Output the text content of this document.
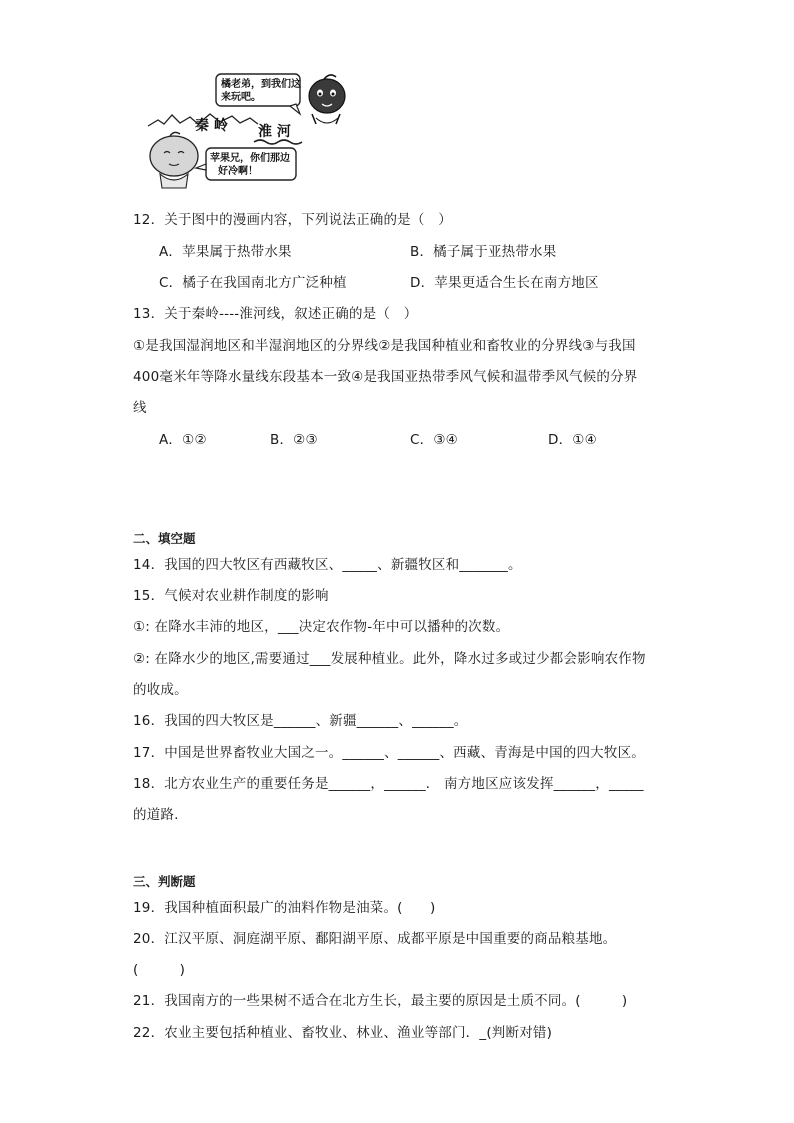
橘老弟，到我们这
来玩吧。
秦 岭 淮 河
苹果兄，你们那边
好冷啊！
12．关于图中的漫画内容，下列说法正确的是（　）
A．苹果属于热带水果	B．橘子属于亚热带水果
C．橘子在我国南北方广泛种植	D．苹果更适合生长在南方地区
13．关于秦岭----淮河线，叙述正确的是（　）
①是我国湿润地区和半湿润地区的分界线②是我国种植业和畜牧业的分界线③与我国
400毫米年等降水量线东段基本一致④是我国亚热带季风气候和温带季风气候的分界
线
A．①②	B．②③	C．③④	D．①④
二、填空题
14．我国的四大牧区有西藏牧区、_____、新疆牧区和_______。
15．气候对农业耕作制度的影响
①: 在降水丰沛的地区，___决定农作物-年中可以播种的次数。
②: 在降水少的地区,需要通过___发展种植业。此外，降水过多或过少都会影响农作物
的收成。
16．我国的四大牧区是______、新疆______、______。
17．中国是世界畜牧业大国之一。______、______、西藏、青海是中国的四大牧区。
18．北方农业生产的重要任务是______，______． 南方地区应该发挥______，_____
的道路.
三、判断题
19．我国种植面积最广的油料作物是油菜。(　　)
20．江汉平原、洞庭湖平原、鄱阳湖平原、成都平原是中国重要的商品粮基地。
(　　　)
21．我国南方的一些果树不适合在北方生长，最主要的原因是土质不同。(　　　)
22．农业主要包括种植业、畜牧业、林业、渔业等部门．_(判断对错)
